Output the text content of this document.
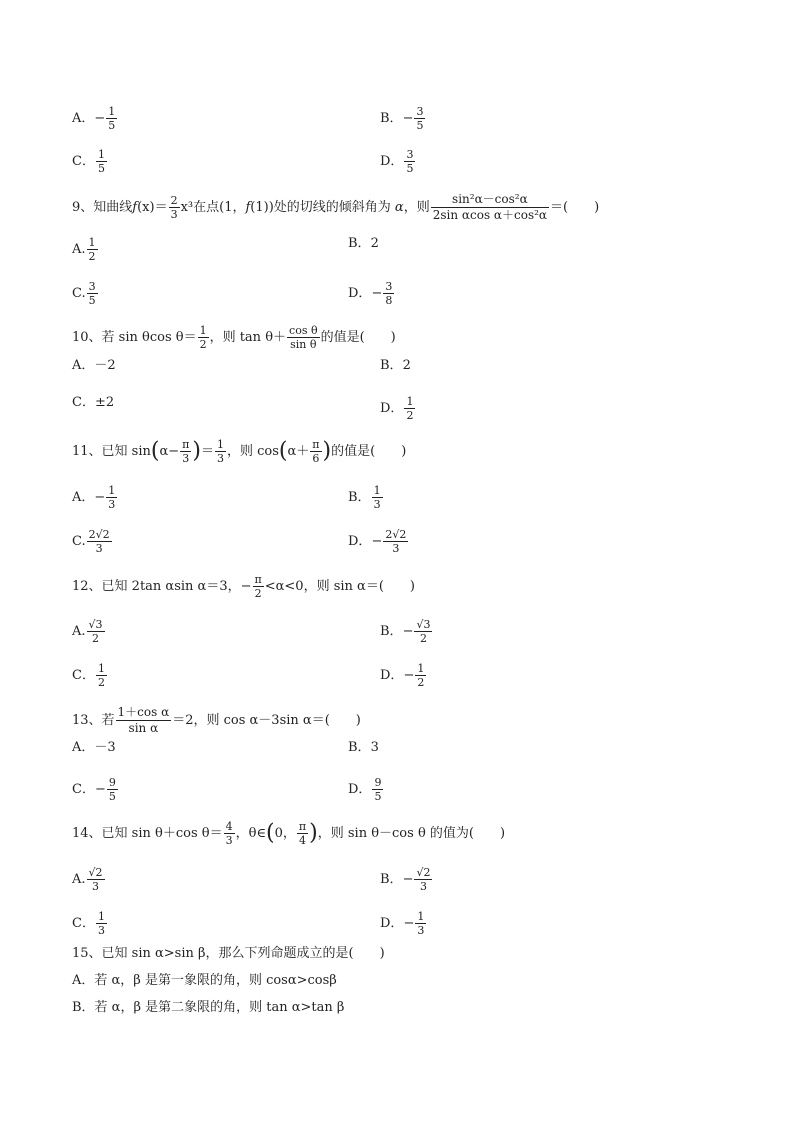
A．− $\frac{1}{5}$	B．− $\frac{3}{5}$
C． $\frac{1}{5}$	D． $\frac{3}{5}$
9、知曲线$f(x)= \frac{2}{3} x^3$在点(1，f(1))处的切线的倾斜角为 α，则 $\frac{\text{sin²α－cos²α}}{\text{2sin αcos α＋cos²α}}$ ＝(　　)
A. $\frac{1}{2}$	B．2
C. $\frac{3}{5}$	D．− $\frac{3}{8}$
10、若 sin θcos $\theta= \frac{1}{2}$ ，则 $\tan \theta+ \frac{\text{cos θ}}{\text{sin θ}}$ 的值是(　　)
A．－2	B．2
C．±2	D． $\frac{1}{2}$
11、已知 $\sin(\alpha- \frac{\pi}{3}$ )＝ $\frac{1}{3}$ ，则 $\cos(\alpha+ \frac{\pi}{6}$ )的值是(　　)
A．− $\frac{1}{3}$	B． $\frac{1}{3}$
C. $\frac{2√2}{3}$	D．− $\frac{2√2}{3}$
12、已知 2tan αsin α＝3，− $\frac{\pi}{2} <\alpha<0$，则 sin α＝(　　)
A. $\frac{√3}{2}$	B．− $\frac{√3}{2}$
C． $\frac{1}{2}$	D．− $\frac{1}{2}$
13、若 $\frac{\text{1＋cos α}}{\text{sin α}} =2$，则 cos α－3sin α＝(　　)
A．－3	B．3
C．− $\frac{9}{5}$	D． $\frac{9}{5}$
14、已知 sin θ＋cos $\theta= \frac{4}{3}$ ，θ∈(0， $\frac{\pi}{4}$ )，则 sin θ－cos θ 的值为(　　)
A. $\frac{√2}{3}$	B．− $\frac{√2}{3}$
C． $\frac{1}{3}$	D．− $\frac{1}{3}$
15、已知 sin α>sin β，那么下列命题成立的是(　　)
A．若 α，β 是第一象限的角，则 cosα>cosβ
B．若 α，β 是第二象限的角，则 tan α>tan β
